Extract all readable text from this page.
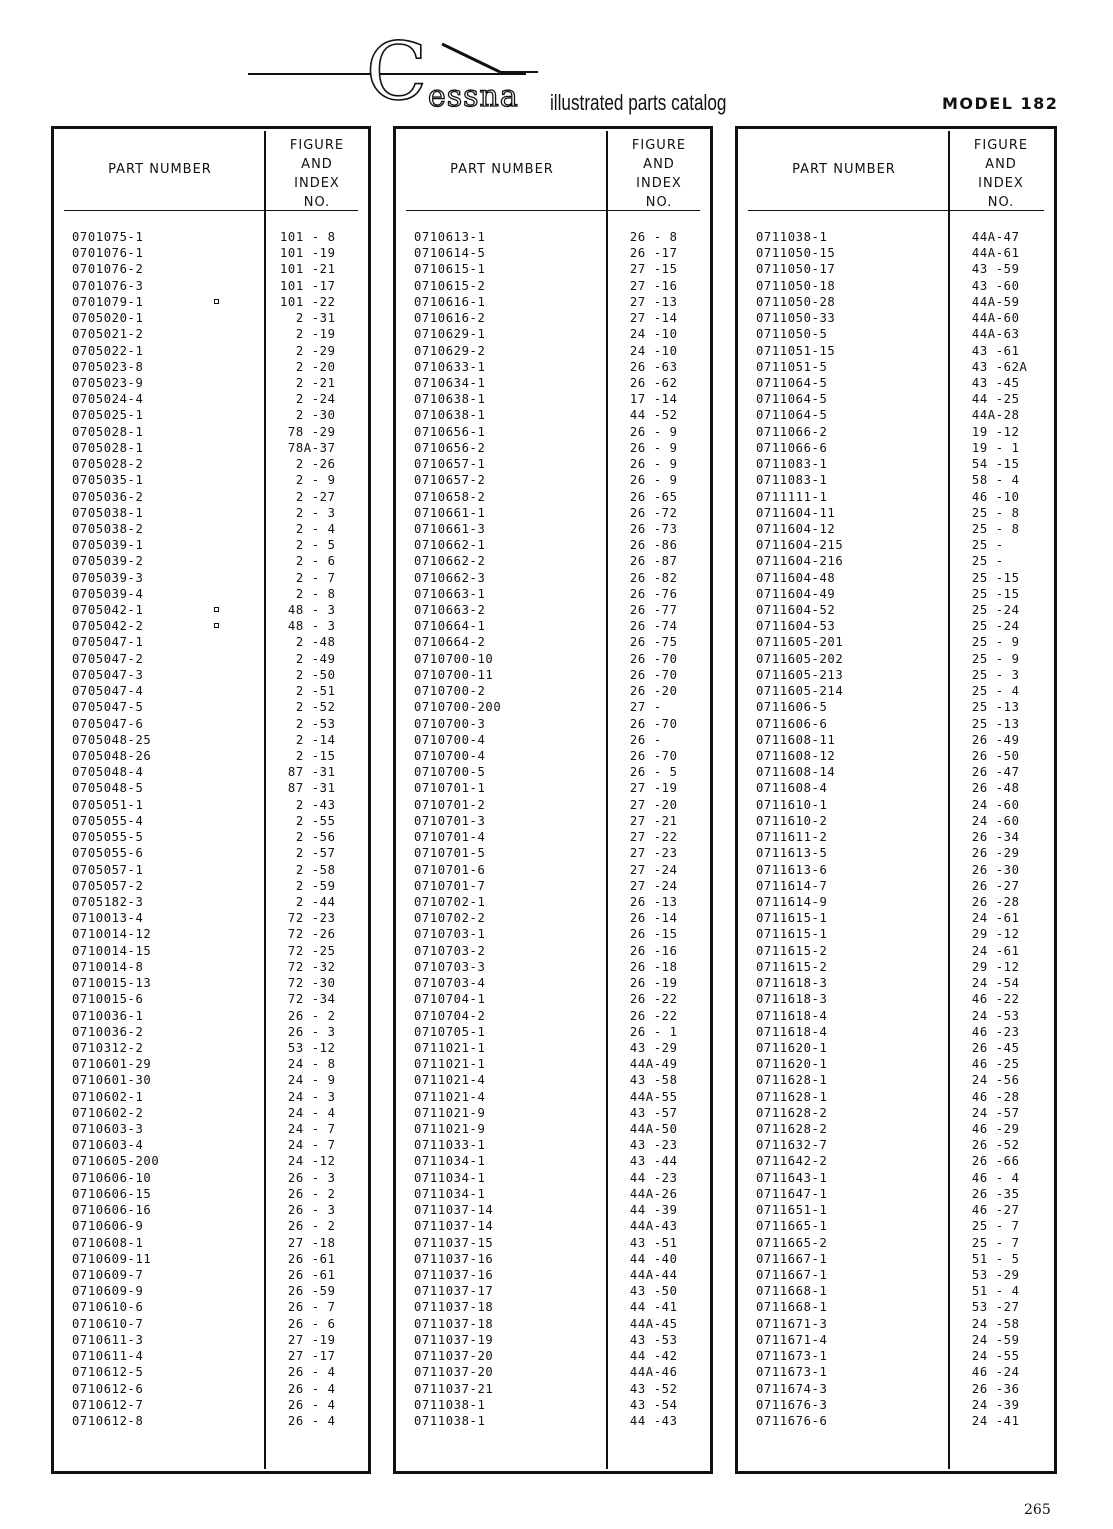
C essna illustrated parts catalog	MODEL 182
PART NUMBER
FIGURE
AND
INDEX
NO.
0701075-1	101 - 8
0701076-1	101 -19
0701076-2	101 -21
0701076-3	101 -17
0701079-1	101 -22
0705020-1	2 -31
0705021-2	2 -19
0705022-1	2 -29
0705023-8	2 -20
0705023-9	2 -21
0705024-4	2 -24
0705025-1	2 -30
0705028-1	78 -29
0705028-1	78A-37
0705028-2	2 -26
0705035-1	2 - 9
0705036-2	2 -27
0705038-1	2 - 3
0705038-2	2 - 4
0705039-1	2 - 5
0705039-2	2 - 6
0705039-3	2 - 7
0705039-4	2 - 8
0705042-1	48 - 3
0705042-2	48 - 3
0705047-1	2 -48
0705047-2	2 -49
0705047-3	2 -50
0705047-4	2 -51
0705047-5	2 -52
0705047-6	2 -53
0705048-25	2 -14
0705048-26	2 -15
0705048-4	87 -31
0705048-5	87 -31
0705051-1	2 -43
0705055-4	2 -55
0705055-5	2 -56
0705055-6	2 -57
0705057-1	2 -58
0705057-2	2 -59
0705182-3	2 -44
0710013-4	72 -23
0710014-12	72 -26
0710014-15	72 -25
0710014-8	72 -32
0710015-13	72 -30
0710015-6	72 -34
0710036-1	26 - 2
0710036-2	26 - 3
0710312-2	53 -12
0710601-29	24 - 8
0710601-30	24 - 9
0710602-1	24 - 3
0710602-2	24 - 4
0710603-3	24 - 7
0710603-4	24 - 7
0710605-200	24 -12
0710606-10	26 - 3
0710606-15	26 - 2
0710606-16	26 - 3
0710606-9	26 - 2
0710608-1	27 -18
0710609-11	26 -61
0710609-7	26 -61
0710609-9	26 -59
0710610-6	26 - 7
0710610-7	26 - 6
0710611-3	27 -19
0710611-4	27 -17
0710612-5	26 - 4
0710612-6	26 - 4
0710612-7	26 - 4
0710612-8	26 - 4
PART NUMBER
FIGURE
AND
INDEX
NO.
0710613-1	26 - 8
0710614-5	26 -17
0710615-1	27 -15
0710615-2	27 -16
0710616-1	27 -13
0710616-2	27 -14
0710629-1	24 -10
0710629-2	24 -10
0710633-1	26 -63
0710634-1	26 -62
0710638-1	17 -14
0710638-1	44 -52
0710656-1	26 - 9
0710656-2	26 - 9
0710657-1	26 - 9
0710657-2	26 - 9
0710658-2	26 -65
0710661-1	26 -72
0710661-3	26 -73
0710662-1	26 -86
0710662-2	26 -87
0710662-3	26 -82
0710663-1	26 -76
0710663-2	26 -77
0710664-1	26 -74
0710664-2	26 -75
0710700-10	26 -70
0710700-11	26 -70
0710700-2	26 -20
0710700-200	27 -
0710700-3	26 -70
0710700-4	26 -
0710700-4	26 -70
0710700-5	26 - 5
0710701-1	27 -19
0710701-2	27 -20
0710701-3	27 -21
0710701-4	27 -22
0710701-5	27 -23
0710701-6	27 -24
0710701-7	27 -24
0710702-1	26 -13
0710702-2	26 -14
0710703-1	26 -15
0710703-2	26 -16
0710703-3	26 -18
0710703-4	26 -19
0710704-1	26 -22
0710704-2	26 -22
0710705-1	26 - 1
0711021-1	43 -29
0711021-1	44A-49
0711021-4	43 -58
0711021-4	44A-55
0711021-9	43 -57
0711021-9	44A-50
0711033-1	43 -23
0711034-1	43 -44
0711034-1	44 -23
0711034-1	44A-26
0711037-14	44 -39
0711037-14	44A-43
0711037-15	43 -51
0711037-16	44 -40
0711037-16	44A-44
0711037-17	43 -50
0711037-18	44 -41
0711037-18	44A-45
0711037-19	43 -53
0711037-20	44 -42
0711037-20	44A-46
0711037-21	43 -52
0711038-1	43 -54
0711038-1	44 -43
PART NUMBER
FIGURE
AND
INDEX
NO.
0711038-1	44A-47
0711050-15	44A-61
0711050-17	43 -59
0711050-18	43 -60
0711050-28	44A-59
0711050-33	44A-60
0711050-5	44A-63
0711051-15	43 -61
0711051-5	43 -62A
0711064-5	43 -45
0711064-5	44 -25
0711064-5	44A-28
0711066-2	19 -12
0711066-6	19 - 1
0711083-1	54 -15
0711083-1	58 - 4
0711111-1	46 -10
0711604-11	25 - 8
0711604-12	25 - 8
0711604-215	25 -
0711604-216	25 -
0711604-48	25 -15
0711604-49	25 -15
0711604-52	25 -24
0711604-53	25 -24
0711605-201	25 - 9
0711605-202	25 - 9
0711605-213	25 - 3
0711605-214	25 - 4
0711606-5	25 -13
0711606-6	25 -13
0711608-11	26 -49
0711608-12	26 -50
0711608-14	26 -47
0711608-4	26 -48
0711610-1	24 -60
0711610-2	24 -60
0711611-2	26 -34
0711613-5	26 -29
0711613-6	26 -30
0711614-7	26 -27
0711614-9	26 -28
0711615-1	24 -61
0711615-1	29 -12
0711615-2	24 -61
0711615-2	29 -12
0711618-3	24 -54
0711618-3	46 -22
0711618-4	24 -53
0711618-4	46 -23
0711620-1	26 -45
0711620-1	46 -25
0711628-1	24 -56
0711628-1	46 -28
0711628-2	24 -57
0711628-2	46 -29
0711632-7	26 -52
0711642-2	26 -66
0711643-1	46 - 4
0711647-1	26 -35
0711651-1	46 -27
0711665-1	25 - 7
0711665-2	25 - 7
0711667-1	51 - 5
0711667-1	53 -29
0711668-1	51 - 4
0711668-1	53 -27
0711671-3	24 -58
0711671-4	24 -59
0711673-1	24 -55
0711673-1	46 -24
0711674-3	26 -36
0711676-3	24 -39
0711676-6	24 -41
265
